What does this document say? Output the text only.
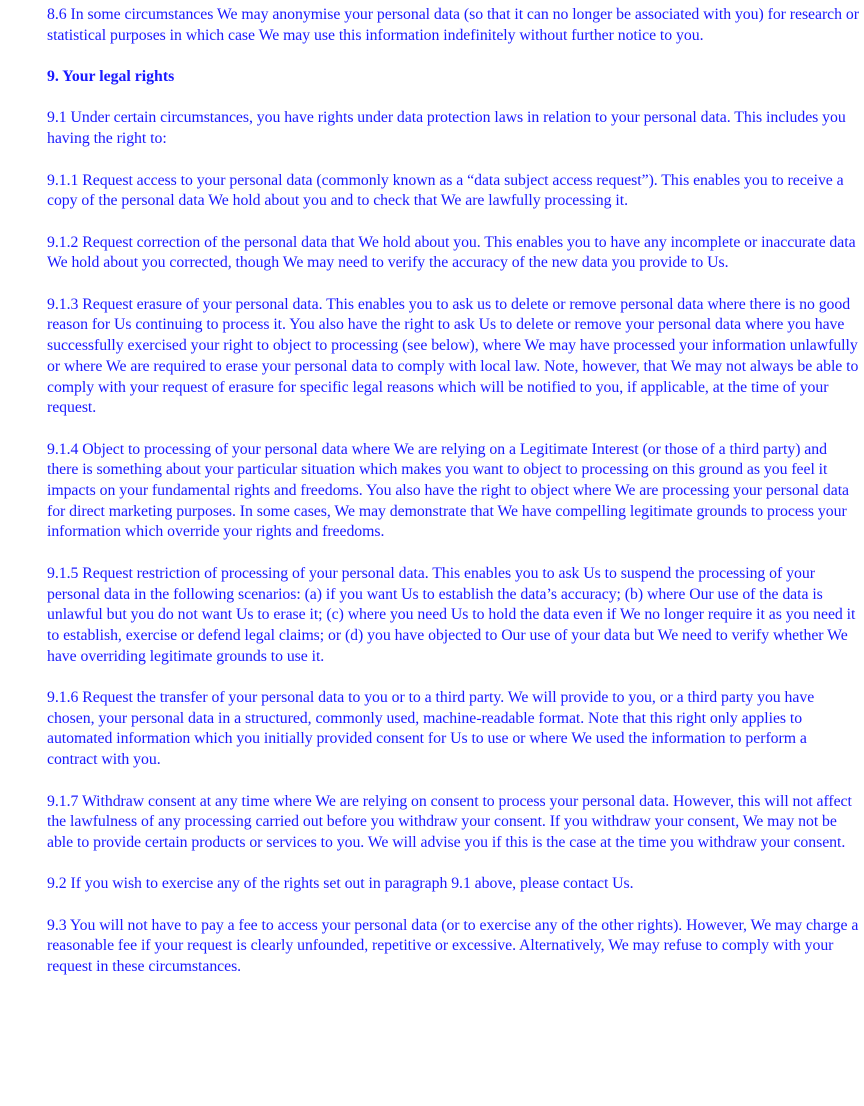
8.6 In some circumstances We may anonymise your personal data (so that it can no longer be associated with you) for research or statistical purposes in which case We may use this information indefinitely without further notice to you.

9. Your legal rights

9.1 Under certain circumstances, you have rights under data protection laws in relation to your personal data. This includes you having the right to:

9.1.1 Request access to your personal data (commonly known as a “data subject access request”). This enables you to receive a copy of the personal data We hold about you and to check that We are lawfully processing it.

9.1.2 Request correction of the personal data that We hold about you. This enables you to have any incomplete or inaccurate data We hold about you corrected, though We may need to verify the accuracy of the new data you provide to Us.

9.1.3 Request erasure of your personal data. This enables you to ask us to delete or remove personal data where there is no good reason for Us continuing to process it. You also have the right to ask Us to delete or remove your personal data where you have successfully exercised your right to object to processing (see below), where We may have processed your information unlawfully or where We are required to erase your personal data to comply with local law. Note, however, that We may not always be able to comply with your request of erasure for specific legal reasons which will be notified to you, if applicable, at the time of your request.

9.1.4 Object to processing of your personal data where We are relying on a Legitimate Interest (or those of a third party) and there is something about your particular situation which makes you want to object to processing on this ground as you feel it impacts on your fundamental rights and freedoms. You also have the right to object where We are processing your personal data for direct marketing purposes. In some cases, We may demonstrate that We have compelling legitimate grounds to process your information which override your rights and freedoms.

9.1.5 Request restriction of processing of your personal data. This enables you to ask Us to suspend the processing of your personal data in the following scenarios: (a) if you want Us to establish the data’s accuracy; (b) where Our use of the data is unlawful but you do not want Us to erase it; (c) where you need Us to hold the data even if We no longer require it as you need it to establish, exercise or defend legal claims; or (d) you have objected to Our use of your data but We need to verify whether We have overriding legitimate grounds to use it.

9.1.6 Request the transfer of your personal data to you or to a third party. We will provide to you, or a third party you have chosen, your personal data in a structured, commonly used, machine-readable format. Note that this right only applies to automated information which you initially provided consent for Us to use or where We used the information to perform a contract with you.

9.1.7 Withdraw consent at any time where We are relying on consent to process your personal data. However, this will not affect the lawfulness of any processing carried out before you withdraw your consent. If you withdraw your consent, We may not be able to provide certain products or services to you. We will advise you if this is the case at the time you withdraw your consent.

9.2 If you wish to exercise any of the rights set out in paragraph 9.1 above, please contact Us.

9.3 You will not have to pay a fee to access your personal data (or to exercise any of the other rights). However, We may charge a reasonable fee if your request is clearly unfounded, repetitive or excessive. Alternatively, We may refuse to comply with your request in these circumstances.
